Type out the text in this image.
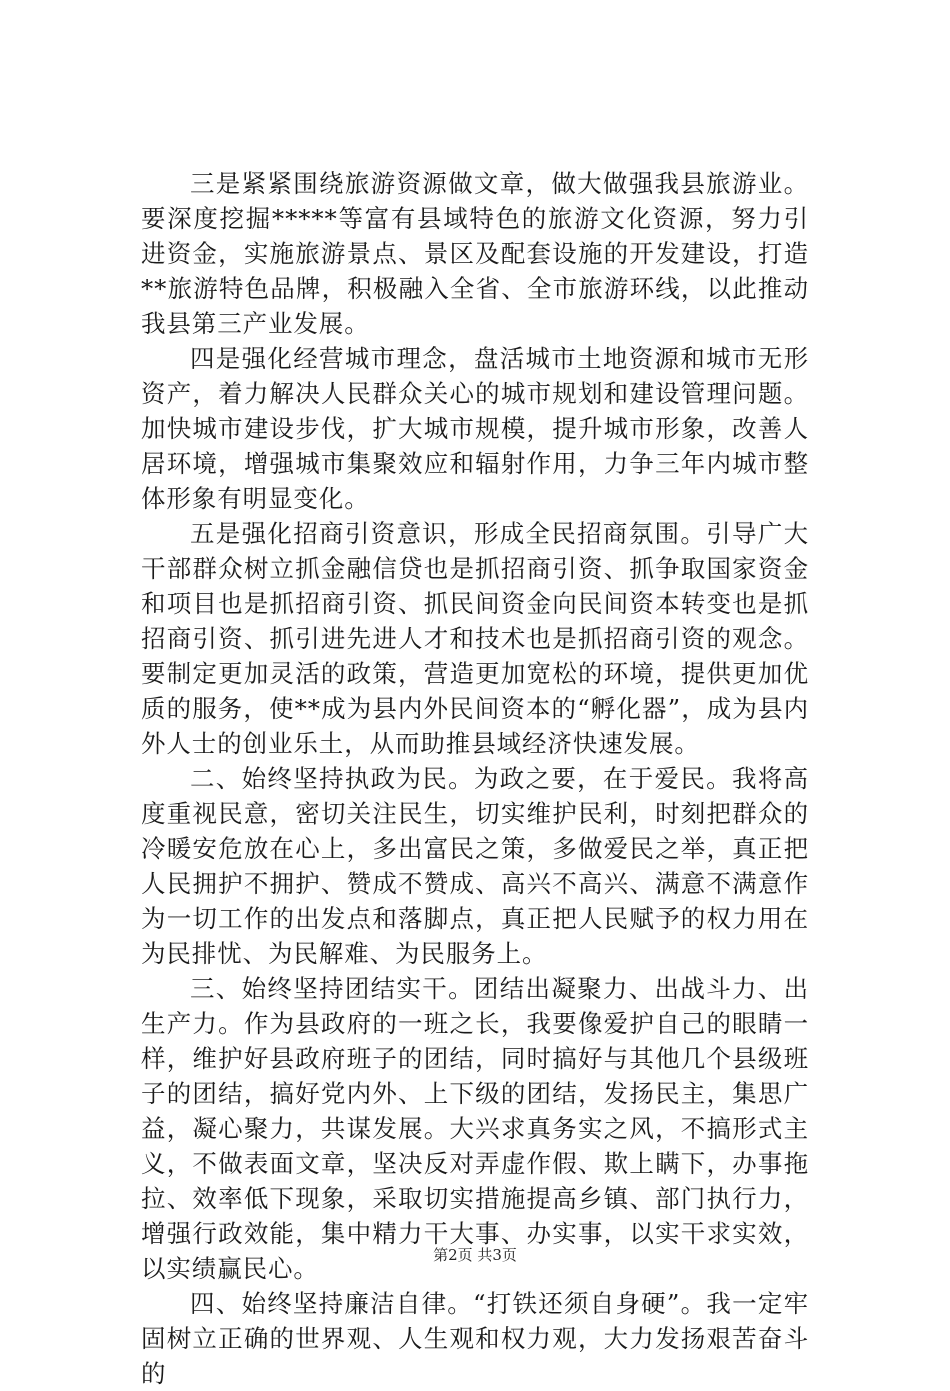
三是紧紧围绕旅游资源做文章，做大做强我县旅游业。要深度挖掘*****等富有县域特色的旅游文化资源，努力引进资金，实施旅游景点、景区及配套设施的开发建设，打造**旅游特色品牌，积极融入全省、全市旅游环线，以此推动我县第三产业发展。

四是强化经营城市理念，盘活城市土地资源和城市无形资产，着力解决人民群众关心的城市规划和建设管理问题。加快城市建设步伐，扩大城市规模，提升城市形象，改善人居环境，增强城市集聚效应和辐射作用，力争三年内城市整体形象有明显变化。

五是强化招商引资意识，形成全民招商氛围。引导广大干部群众树立抓金融信贷也是抓招商引资、抓争取国家资金和项目也是抓招商引资、抓民间资金向民间资本转变也是抓招商引资、抓引进先进人才和技术也是抓招商引资的观念。要制定更加灵活的政策，营造更加宽松的环境，提供更加优质的服务，使**成为县内外民间资本的“孵化器”，成为县内外人士的创业乐土，从而助推县域经济快速发展。

二、始终坚持执政为民。为政之要，在于爱民。我将高度重视民意，密切关注民生，切实维护民利，时刻把群众的冷暖安危放在心上，多出富民之策，多做爱民之举，真正把人民拥护不拥护、赞成不赞成、高兴不高兴、满意不满意作为一切工作的出发点和落脚点，真正把人民赋予的权力用在为民排忧、为民解难、为民服务上。

三、始终坚持团结实干。团结出凝聚力、出战斗力、出生产力。作为县政府的一班之长，我要像爱护自己的眼睛一样，维护好县政府班子的团结，同时搞好与其他几个县级班子的团结，搞好党内外、上下级的团结，发扬民主，集思广益，凝心聚力，共谋发展。大兴求真务实之风，不搞形式主义，不做表面文章，坚决反对弄虚作假、欺上瞒下，办事拖拉、效率低下现象，采取切实措施提高乡镇、部门执行力，增强行政效能，集中精力干大事、办实事，以实干求实效，以实绩赢民心。

四、始终坚持廉洁自律。“打铁还须自身硬”。我一定牢固树立正确的世界观、人生观和权力观，大力发扬艰苦奋斗的

第2页 共3页
